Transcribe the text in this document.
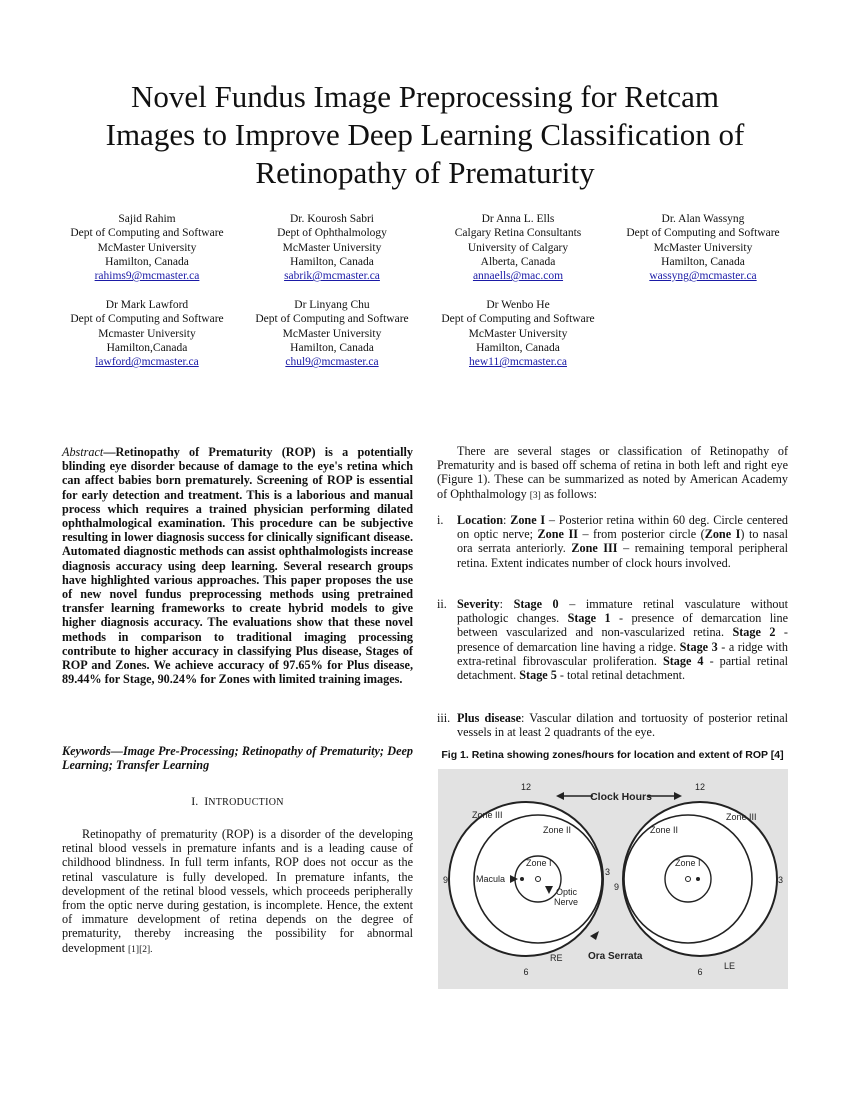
Novel Fundus Image Preprocessing for Retcam
Images to Improve Deep Learning Classification of
Retinopathy of Prematurity
Sajid Rahim
Dept of Computing and Software
McMaster University
Hamilton, Canada
rahims9@mcmaster.ca
Dr. Kourosh Sabri
Dept of Ophthalmology
McMaster University
Hamilton, Canada
sabrik@mcmaster.ca
Dr Anna L. Ells
Calgary Retina Consultants
University of Calgary
Alberta, Canada
annaells@mac.com
Dr. Alan Wassyng
Dept of Computing and Software
McMaster University
Hamilton, Canada
wassyng@mcmaster.ca
Dr Mark Lawford
Dept of Computing and Software
Mcmaster University
Hamilton,Canada
lawford@mcmaster.ca
Dr Linyang Chu
Dept of Computing and Software
McMaster University
Hamilton, Canada
chul9@mcmaster.ca
Dr Wenbo He
Dept of Computing and Software
McMaster University
Hamilton, Canada
hew11@mcmaster.ca
Abstract—Retinopathy of Prematurity (ROP) is a potentially blinding eye disorder because of damage to the eye's retina which can affect babies born prematurely. Screening of ROP is essential for early detection and treatment. This is a laborious and manual process which requires a trained physician performing dilated ophthalmological examination. This procedure can be subjective resulting in lower diagnosis success for clinically significant disease. Automated diagnostic methods can assist ophthalmologists increase diagnosis accuracy using deep learning. Several research groups have highlighted various approaches. This paper proposes the use of new novel fundus preprocessing methods using pretrained transfer learning frameworks to create hybrid models to give higher diagnosis accuracy. The evaluations show that these novel methods in comparison to traditional imaging processing contribute to higher accuracy in classifying Plus disease, Stages of ROP and Zones. We achieve accuracy of 97.65% for Plus disease, 89.44% for Stage, 90.24% for Zones with limited training images.
Keywords—Image Pre-Processing; Retinopathy of Prematurity; Deep Learning; Transfer Learning
I. INTRODUCTION
Retinopathy of prematurity (ROP) is a disorder of the developing retinal blood vessels in premature infants and is a leading cause of childhood blindness. In full term infants, ROP does not occur as the retinal vasculature is fully developed. In premature infants, the development of the retinal blood vessels, which proceeds peripherally from the optic nerve during gestation, is incomplete. Hence, the extent of immature development of retina depends on the degree of prematurity, thereby increasing the possibility for abnormal development [1][2].
There are several stages or classification of Retinopathy of Prematurity and is based off schema of retina in both left and right eye (Figure 1). These can be summarized as noted by American Academy of Ophthalmology [3] as follows:
i. Location: Zone I – Posterior retina within 60 deg. Circle centered on optic nerve; Zone II – from posterior circle (Zone I) to nasal ora serrata anteriorly. Zone III – remaining temporal peripheral retina. Extent indicates number of clock hours involved.
ii. Severity: Stage 0 – immature retinal vasculature without pathologic changes. Stage 1 - presence of demarcation line between vascularized and non-vascularized retina. Stage 2 - presence of demarcation line having a ridge. Stage 3 - a ridge with extra-retinal fibrovascular proliferation. Stage 4 - partial retinal detachment. Stage 5 - total retinal detachment.
iii. Plus disease: Vascular dilation and tortuosity of posterior retinal vessels in at least 2 quadrants of the eye.
Fig 1. Retina showing zones/hours for location and extent of ROP [4]
Clock Hours
12
6
9
3
12
6
9
3
Zone III
Zone II
Zone I
Macula
Optic
Nerve
RE
Zone II
Zone III
Zone I
LE
Ora Serrata
